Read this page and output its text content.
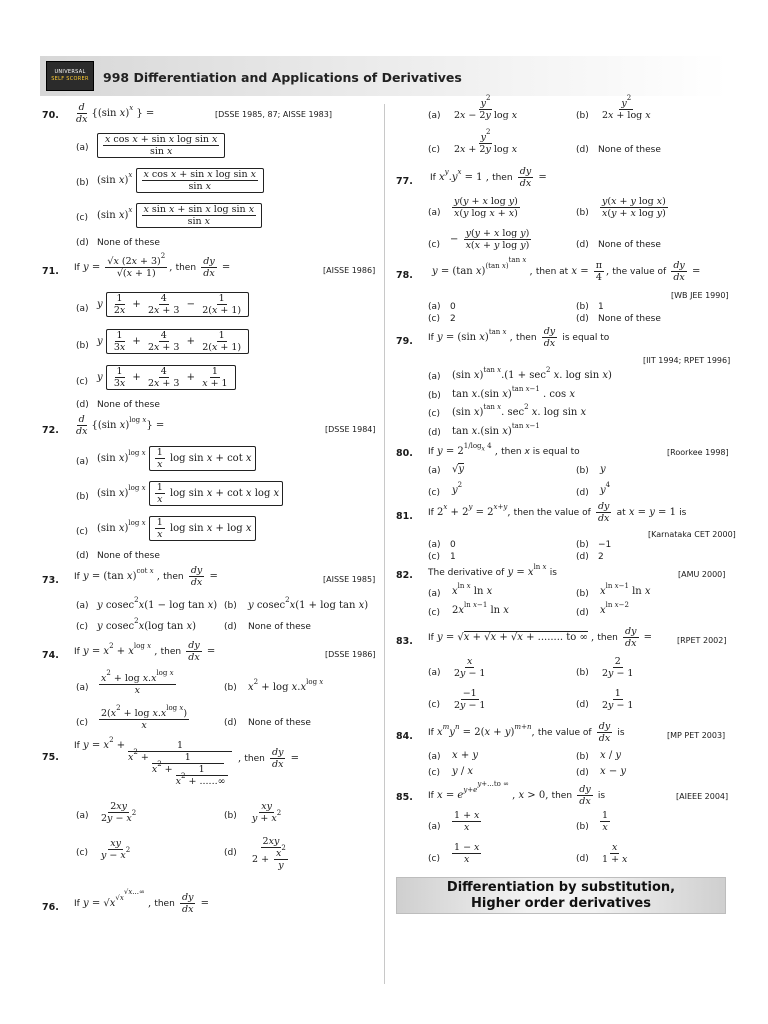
UNIVERSAL
SELF SCORER 998 Differentiation and Applications of Derivatives
70. $\frac{d}{dx} \{(\sin$ x)$^x$ } =	[DSSE 1985, 87; AISSE 1983]
$(a) \frac{\text{x cos x + sin x log sin x}}{\text{sin x}}$
(b) (sin $x)^x \frac{\text{x cos x + sin x log sin x}}{\text{sin x}}$
(c) (sin $x)^x \frac{\text{x sin x + sin x log sin x}}{\text{sin x}}$
(d) None of these
71. If $y = \frac{√x (2x + 3)^2}{√(x + 1)}$ , then $\frac{dy}{dx}$ =	[AISSE 1986]
(a) y $\frac{1}{2x} + \frac{4}{2x + 3} - \frac{1}{2(x + 1)}$
(b) y $\frac{1}{3x} + \frac{4}{2x + 3} + \frac{1}{2(x + 1)}$
(c) y $\frac{1}{3x} + \frac{4}{2x + 3} + \frac{1}{x + 1}$
(d) None of these
72. $\frac{d}{dx} \{(\sin$ x)$^{log x}$} =	[DSSE 1984]
(a) (sin $x)^{log x} \frac{1}{x}$ log sin x + cot x
(b) (sin $x)^{log x} \frac{1}{x}$ log sin x + cot x log x
(c) (sin $x)^{log x} \frac{1}{x}$ log sin x + log x
(d) None of these
73. If y = (tan x)$^{cot x}$ , then $\frac{dy}{dx}$ =	[AISSE 1985]
(a) y cosec$^2$x(1 − log tan x) (b) y cosec$^2$x(1 + log tan x)
(c) y cosec$^2$x(log tan x)	(d) None of these
74. If $y = x^2 + x^{log x}$ , then $\frac{dy}{dx}$ =	[DSSE 1986]
$(a) \frac{x^2 + \log x.x^{log x}}{x}$	(b) $x^2 + \log x.x^{log x}$
$(c) \frac{2(x^2 + \log x.x^{log x})}{x}$	(d) None of these
75.
If $y = x^2$ +	1
$x^2 + \frac{1}{x^2 + \frac{1}{x^2 + ......\infty}}$ , then $\frac{dy}{dx}$ =
$(a) \frac{2xy}{2y - x^2}$	$(b) \frac{xy}{y + x^2}$
$(c) \frac{xy}{y - x^2}$	$(d) \frac{2xy}{2 + \frac{x^2}{y}}$
76. If $y = √x^{√x^{√x...\infty}}$ , then $\frac{dy}{dx}$ =
$(a) \frac{y^2}{\text{2x − 2y log x}}$	$(b) \frac{y^2}{\text{2x + log x}}$
$(c) \frac{y^2}{\text{2x + 2y log x}}$	(d) None of these
77. If $x^y.y^x = 1$ , then $\frac{dy}{dx}$ =
$(a) \frac{\text{y(y + x log y)}}{\text{x(y log x + x)}}$	$(b) \frac{\text{y(x + y log x)}}{\text{x(y + x log y)}}$
$(c) - \frac{\text{y(y + x log y)}}{\text{x(x + y log y)}}$	(d) None of these
78. y = (tan x)$^{(tan x)^{tan x}}$ , then at $x = \frac{\pi}{4}$ , the value of $\frac{dy}{dx}$ =
[WB JEE 1990]
(a) 0	(b) 1
(c) 2	(d) None of these
79. If y = (sin x)$^{tan x}$ , then $\frac{dy}{dx}$ is equal to
[IIT 1994; RPET 1996]
(a) (sin $x)^{tan x}.(1 + \sec^2 x$. log sin x)
(b) tan x.(sin x)$^{tan x-1}$ . cos x
(c) (sin x)$^{tan x}$. $\sec^2 x$. log sin x
(d) tan x.(sin x)$^{tan x-1}$
80. If $y = 2^{1/log_x 4}$ , then x is equal to	[Roorkee 1998]
(a) √y	(b) y
(c) $y^2$
(d) $y^4$
81. If $2^x + 2^y = 2^{x+y}$, then the value of $\frac{dy}{dx}$ at x = y = 1 is
[Karnataka CET 2000]
(a) 0	(b) −1
(c) 1	(d) 2
82. The derivative of $y = x^{ln x}$ is	[AMU 2000]
(a) $x^{ln x}$ ln x	(b) $x^{ln x-1}$ ln x
(c) $2x^{ln x-1}$ ln x	(d) $x^{ln x-2}$
83. If y = √x + √x + √x + ........ to ∞ , then $\frac{dy}{dx}$ =	[RPET 2002]
$(a) \frac{x}{2y - 1}$	$(b) \frac{2}{2y - 1}$
$(c) \frac{-1}{2y - 1}$	$(d) \frac{1}{2y - 1}$
84. If $x^my^n = 2(x + y)^{m+n}$, the value of $\frac{dy}{dx}$ is	[MP PET 2003]
(a) x + y	(b) x / y
(c) y / x	(d) x − y
85. If $x = e^{y+e^{y+...to \infty}}$ , x > 0, then $\frac{dy}{dx}$ is	[AIEEE 2004]
$(a) \frac{1 + x}{x}$	$(b) \frac{1}{x}$
$(c) \frac{1 - x}{x}$	$(d) \frac{x}{1 + x}$
Differentiation by substitution,
Higher order derivatives
